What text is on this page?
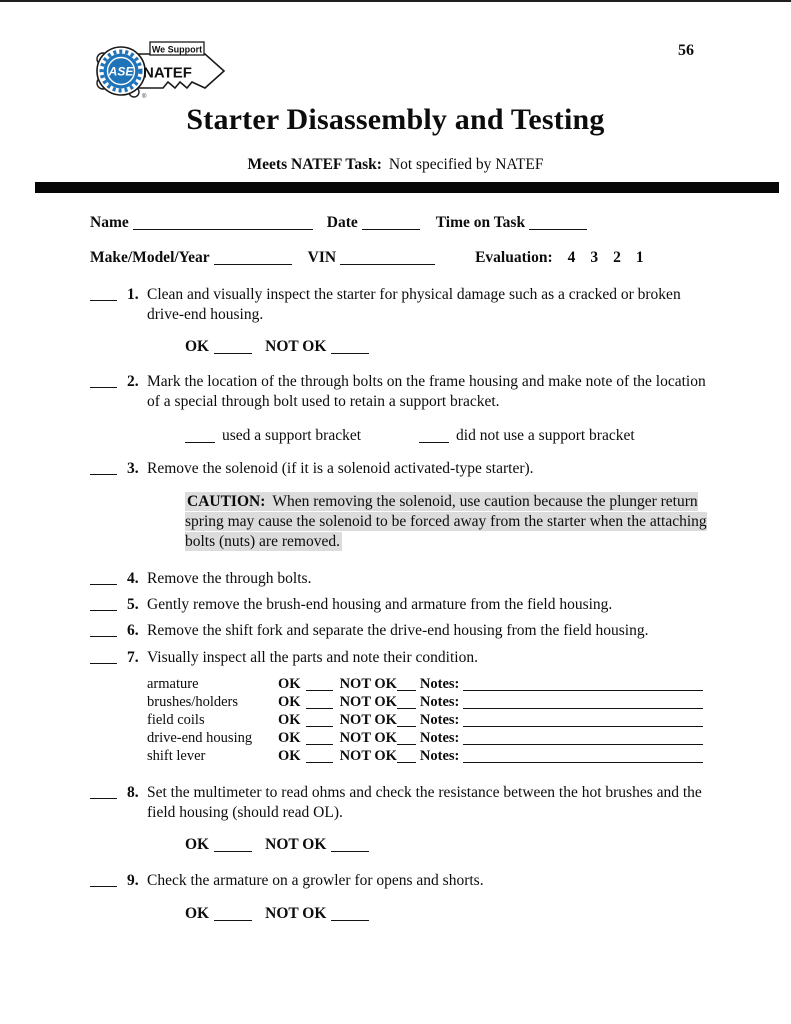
ASE
We Support
NATEF
®
56
Starter Disassembly and Testing
Meets NATEF Task: Not specified by NATEF
Name	Date	Time on Task
Make/Model/Year	VIN	Evaluation: 4 3 2 1
1. Clean and visually inspect the starter for physical damage such as a cracked or broken drive-end housing.
OK	NOT OK
2. Mark the location of the through bolts on the frame housing and make note of the location of a special through bolt used to retain a support bracket.
used a support bracket	did not use a support bracket
3. Remove the solenoid (if it is a solenoid activated-type starter).
CAUTION: When removing the solenoid, use caution because the plunger return spring may cause the solenoid to be forced away from the starter when the attaching bolts (nuts) are removed.
4. Remove the through bolts.
5. Gently remove the brush-end housing and armature from the field housing.
6. Remove the shift fork and separate the drive-end housing from the field housing.
7. Visually inspect all the parts and note their condition.
armature	OK	NOT OK Notes:
brushes/holders	OK	NOT OK Notes:
field coils	OK	NOT OK Notes:
drive-end housing OK	NOT OK Notes:
shift lever	OK	NOT OK Notes:
8. Set the multimeter to read ohms and check the resistance between the hot brushes and the field housing (should read OL).
OK	NOT OK
9. Check the armature on a growler for opens and shorts.
OK	NOT OK
